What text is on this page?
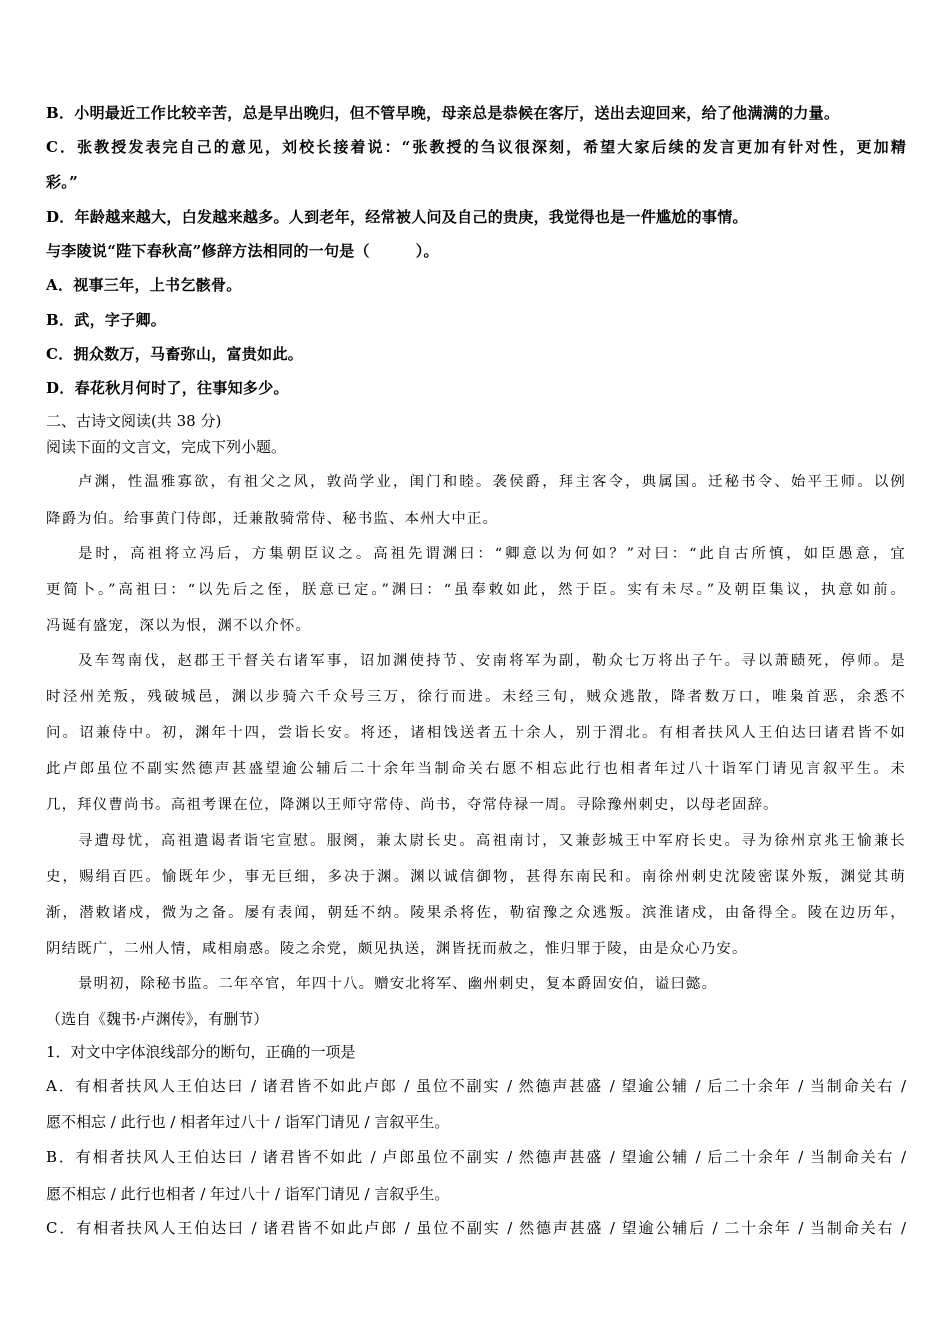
B．小明最近工作比较辛苦，总是早出晚归，但不管早晚，母亲总是恭候在客厅，送出去迎回来，给了他满满的力量。
C．张教授发表完自己的意见，刘校长接着说：“张教授的刍议很深刻，希望大家后续的发言更加有针对性，更加精
彩。”
D．年龄越来越大，白发越来越多。人到老年，经常被人问及自己的贵庚，我觉得也是一件尴尬的事情。
与李陵说“陛下春秋高”修辞方法相同的一句是（　　　）。
A．视事三年，上书乞骸骨。
B．武，字子卿。
C．拥众数万，马畜弥山，富贵如此。
D．春花秋月何时了，往事知多少。
二、古诗文阅读(共 38 分)
阅读下面的文言文，完成下列小题。
卢渊，性温雅寡欲，有祖父之风，敦尚学业，闺门和睦。袭侯爵，拜主客令，典属国。迁秘书令、始平王师。以例
降爵为伯。给事黄门侍郎，迁兼散骑常侍、秘书监、本州大中正。
是时，高祖将立冯后，方集朝臣议之。高祖先谓渊曰：“卿意以为何如？”对曰：“此自古所慎，如臣愚意，宜
更简卜。”高祖曰：“以先后之侄，朕意已定。”渊曰：“虽奉敕如此，然于臣。实有未尽。”及朝臣集议，执意如前。
冯诞有盛宠，深以为恨，渊不以介怀。
及车驾南伐，赵郡王干督关右诸军事，诏加渊使持节、安南将军为副，勒众七万将出子午。寻以萧赜死，停师。是
时泾州羌叛，残破城邑，渊以步骑六千众号三万，徐行而进。未经三旬，贼众逃散，降者数万口，唯枭首恶，余悉不
问。诏兼侍中。初，渊年十四，尝诣长安。将还，诸相饯送者五十余人，别于渭北。有相者扶风人王伯达曰诸君皆不如
此卢郎虽位不副实然德声甚盛望逾公辅后二十余年当制命关右愿不相忘此行也相者年过八十诣军门请见言叙平生。未
几，拜仪曹尚书。高祖考课在位，降渊以王师守常侍、尚书，夺常侍禄一周。寻除豫州刺史，以母老固辞。
寻遭母忧，高祖遣谒者诣宅宣慰。服阕，兼太尉长史。高祖南讨，又兼彭城王中军府长史。寻为徐州京兆王愉兼长
史，赐绢百匹。愉既年少，事无巨细，多决于渊。渊以诚信御物，甚得东南民和。南徐州刺史沈陵密谋外叛，渊觉其萌
渐，潜敕诸戍，微为之备。屡有表闻，朝廷不纳。陵果杀将佐，勒宿豫之众逃叛。滨淮诸戍，由备得全。陵在边历年，
阴结既广，二州人情，咸相扇惑。陵之余党，颇见执送，渊皆抚而赦之，惟归罪于陵，由是众心乃安。
景明初，除秘书监。二年卒官，年四十八。赠安北将军、幽州刺史，复本爵固安伯，谥曰懿。
（选自《魏书·卢渊传》，有删节）
1．对文中字体浪线部分的断句，正确的一项是
A．有相者扶风人王伯达曰 / 诸君皆不如此卢郎 / 虽位不副实 / 然德声甚盛 / 望逾公辅 / 后二十余年 / 当制命关右 /
愿不相忘 / 此行也 / 相者年过八十 / 诣军门请见 / 言叙平生。
B．有相者扶风人王伯达曰 / 诸君皆不如此 / 卢郎虽位不副实 / 然德声甚盛 / 望逾公辅 / 后二十余年 / 当制命关右 /
愿不相忘 / 此行也相者 / 年过八十 / 诣军门请见 / 言叙乎生。
C．有相者扶风人王伯达曰 / 诸君皆不如此卢郎 / 虽位不副实 / 然德声甚盛 / 望逾公辅后 / 二十余年 / 当制命关右 /
